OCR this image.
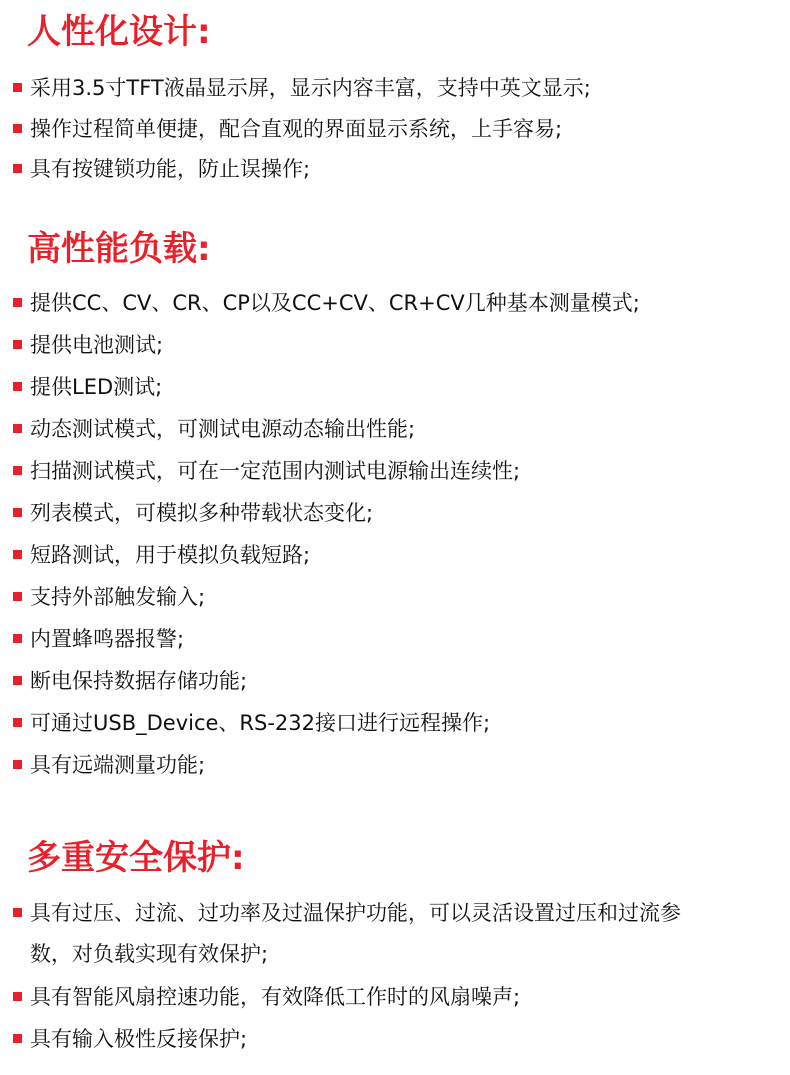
人性化设计:
采用3.5寸TFT液晶显示屏，显示内容丰富，支持中英文显示;
操作过程简单便捷，配合直观的界面显示系统，上手容易;
具有按键锁功能，防止误操作;
高性能负载:
提供CC、CV、CR、CP以及CC+CV、CR+CV几种基本测量模式;
提供电池测试;
提供LED测试;
动态测试模式，可测试电源动态输出性能;
扫描测试模式，可在一定范围内测试电源输出连续性;
列表模式，可模拟多种带载状态变化;
短路测试，用于模拟负载短路;
支持外部触发输入;
内置蜂鸣器报警;
断电保持数据存储功能;
可通过USB_Device、RS-232接口进行远程操作;
具有远端测量功能;
多重安全保护:
具有过压、过流、过功率及过温保护功能，可以灵活设置过压和过流参
数，对负载实现有效保护;
具有智能风扇控速功能，有效降低工作时的风扇噪声;
具有输入极性反接保护;
